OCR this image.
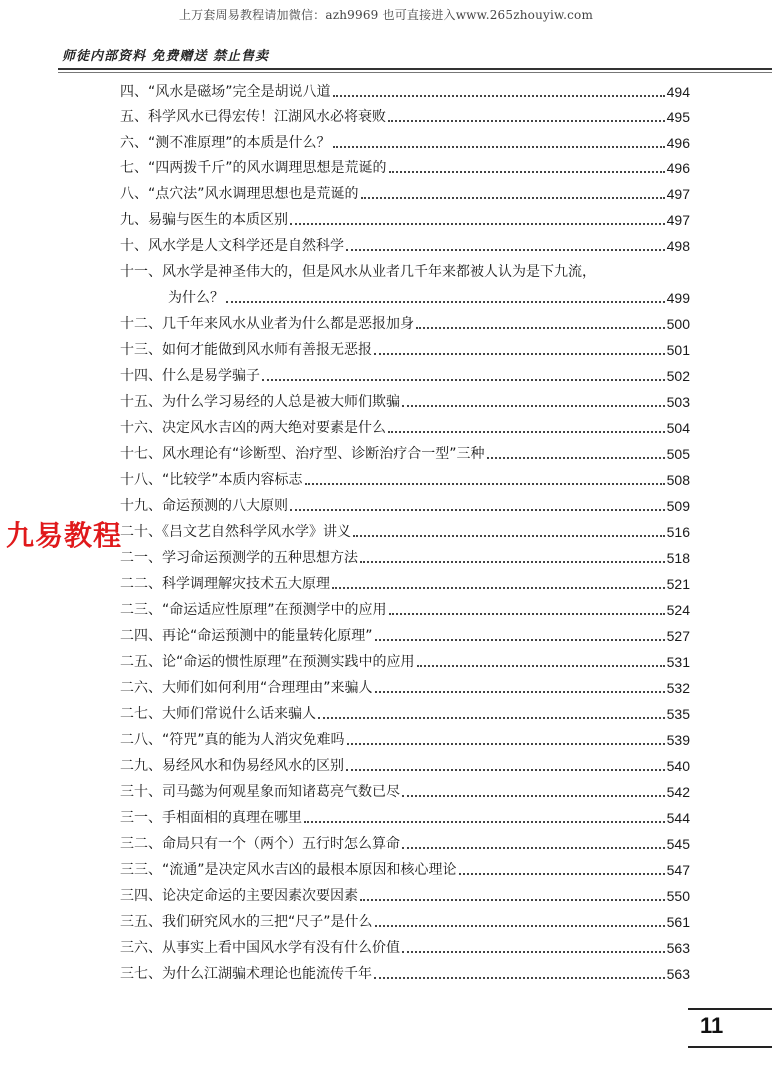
上万套周易教程请加微信：azh9969 也可直接进入www.265zhouyiw.com
师徒内部资料 免费赠送 禁止售卖
四、“风水是磁场”完全是胡说八道	494
五、科学风水已得宏传！江湖风水必将衰败	495
六、“测不准原理”的本质是什么？	496
七、“四两拨千斤”的风水调理思想是荒诞的	496
八、“点穴法”风水调理思想也是荒诞的	497
九、易骗与医生的本质区别	497
十、风水学是人文科学还是自然科学	498
十一、风水学是神圣伟大的，但是风水从业者几千年来都被人认为是下九流，
为什么？	499
十二、几千年来风水从业者为什么都是恶报加身	500
十三、如何才能做到风水师有善报无恶报	501
十四、什么是易学骗子	502
十五、为什么学习易经的人总是被大师们欺骗	503
十六、决定风水吉凶的两大绝对要素是什么	504
十七、风水理论有“诊断型、治疗型、诊断治疗合一型”三种	505
十八、“比较学”本质内容标志	508
十九、命运预测的八大原则	509
二十、《吕文艺自然科学风水学》讲义	516
二一、学习命运预测学的五种思想方法	518
二二、科学调理解灾技术五大原理	521
二三、“命运适应性原理”在预测学中的应用	524
二四、再论“命运预测中的能量转化原理”	527
二五、论“命运的惯性原理”在预测实践中的应用	531
二六、大师们如何利用“合理理由”来骗人	532
二七、大师们常说什么话来骗人	535
二八、“符咒”真的能为人消灾免难吗	539
二九、易经风水和伪易经风水的区别	540
三十、司马懿为何观星象而知诸葛亮气数已尽	542
三一、手相面相的真理在哪里	544
三二、命局只有一个（两个）五行时怎么算命	545
三三、“流通”是决定风水吉凶的最根本原因和核心理论	547
三四、论决定命运的主要因素次要因素	550
三五、我们研究风水的三把“尺子”是什么	561
三六、从事实上看中国风水学有没有什么价值	563
三七、为什么江湖骗术理论也能流传千年	563
九易教程
11
